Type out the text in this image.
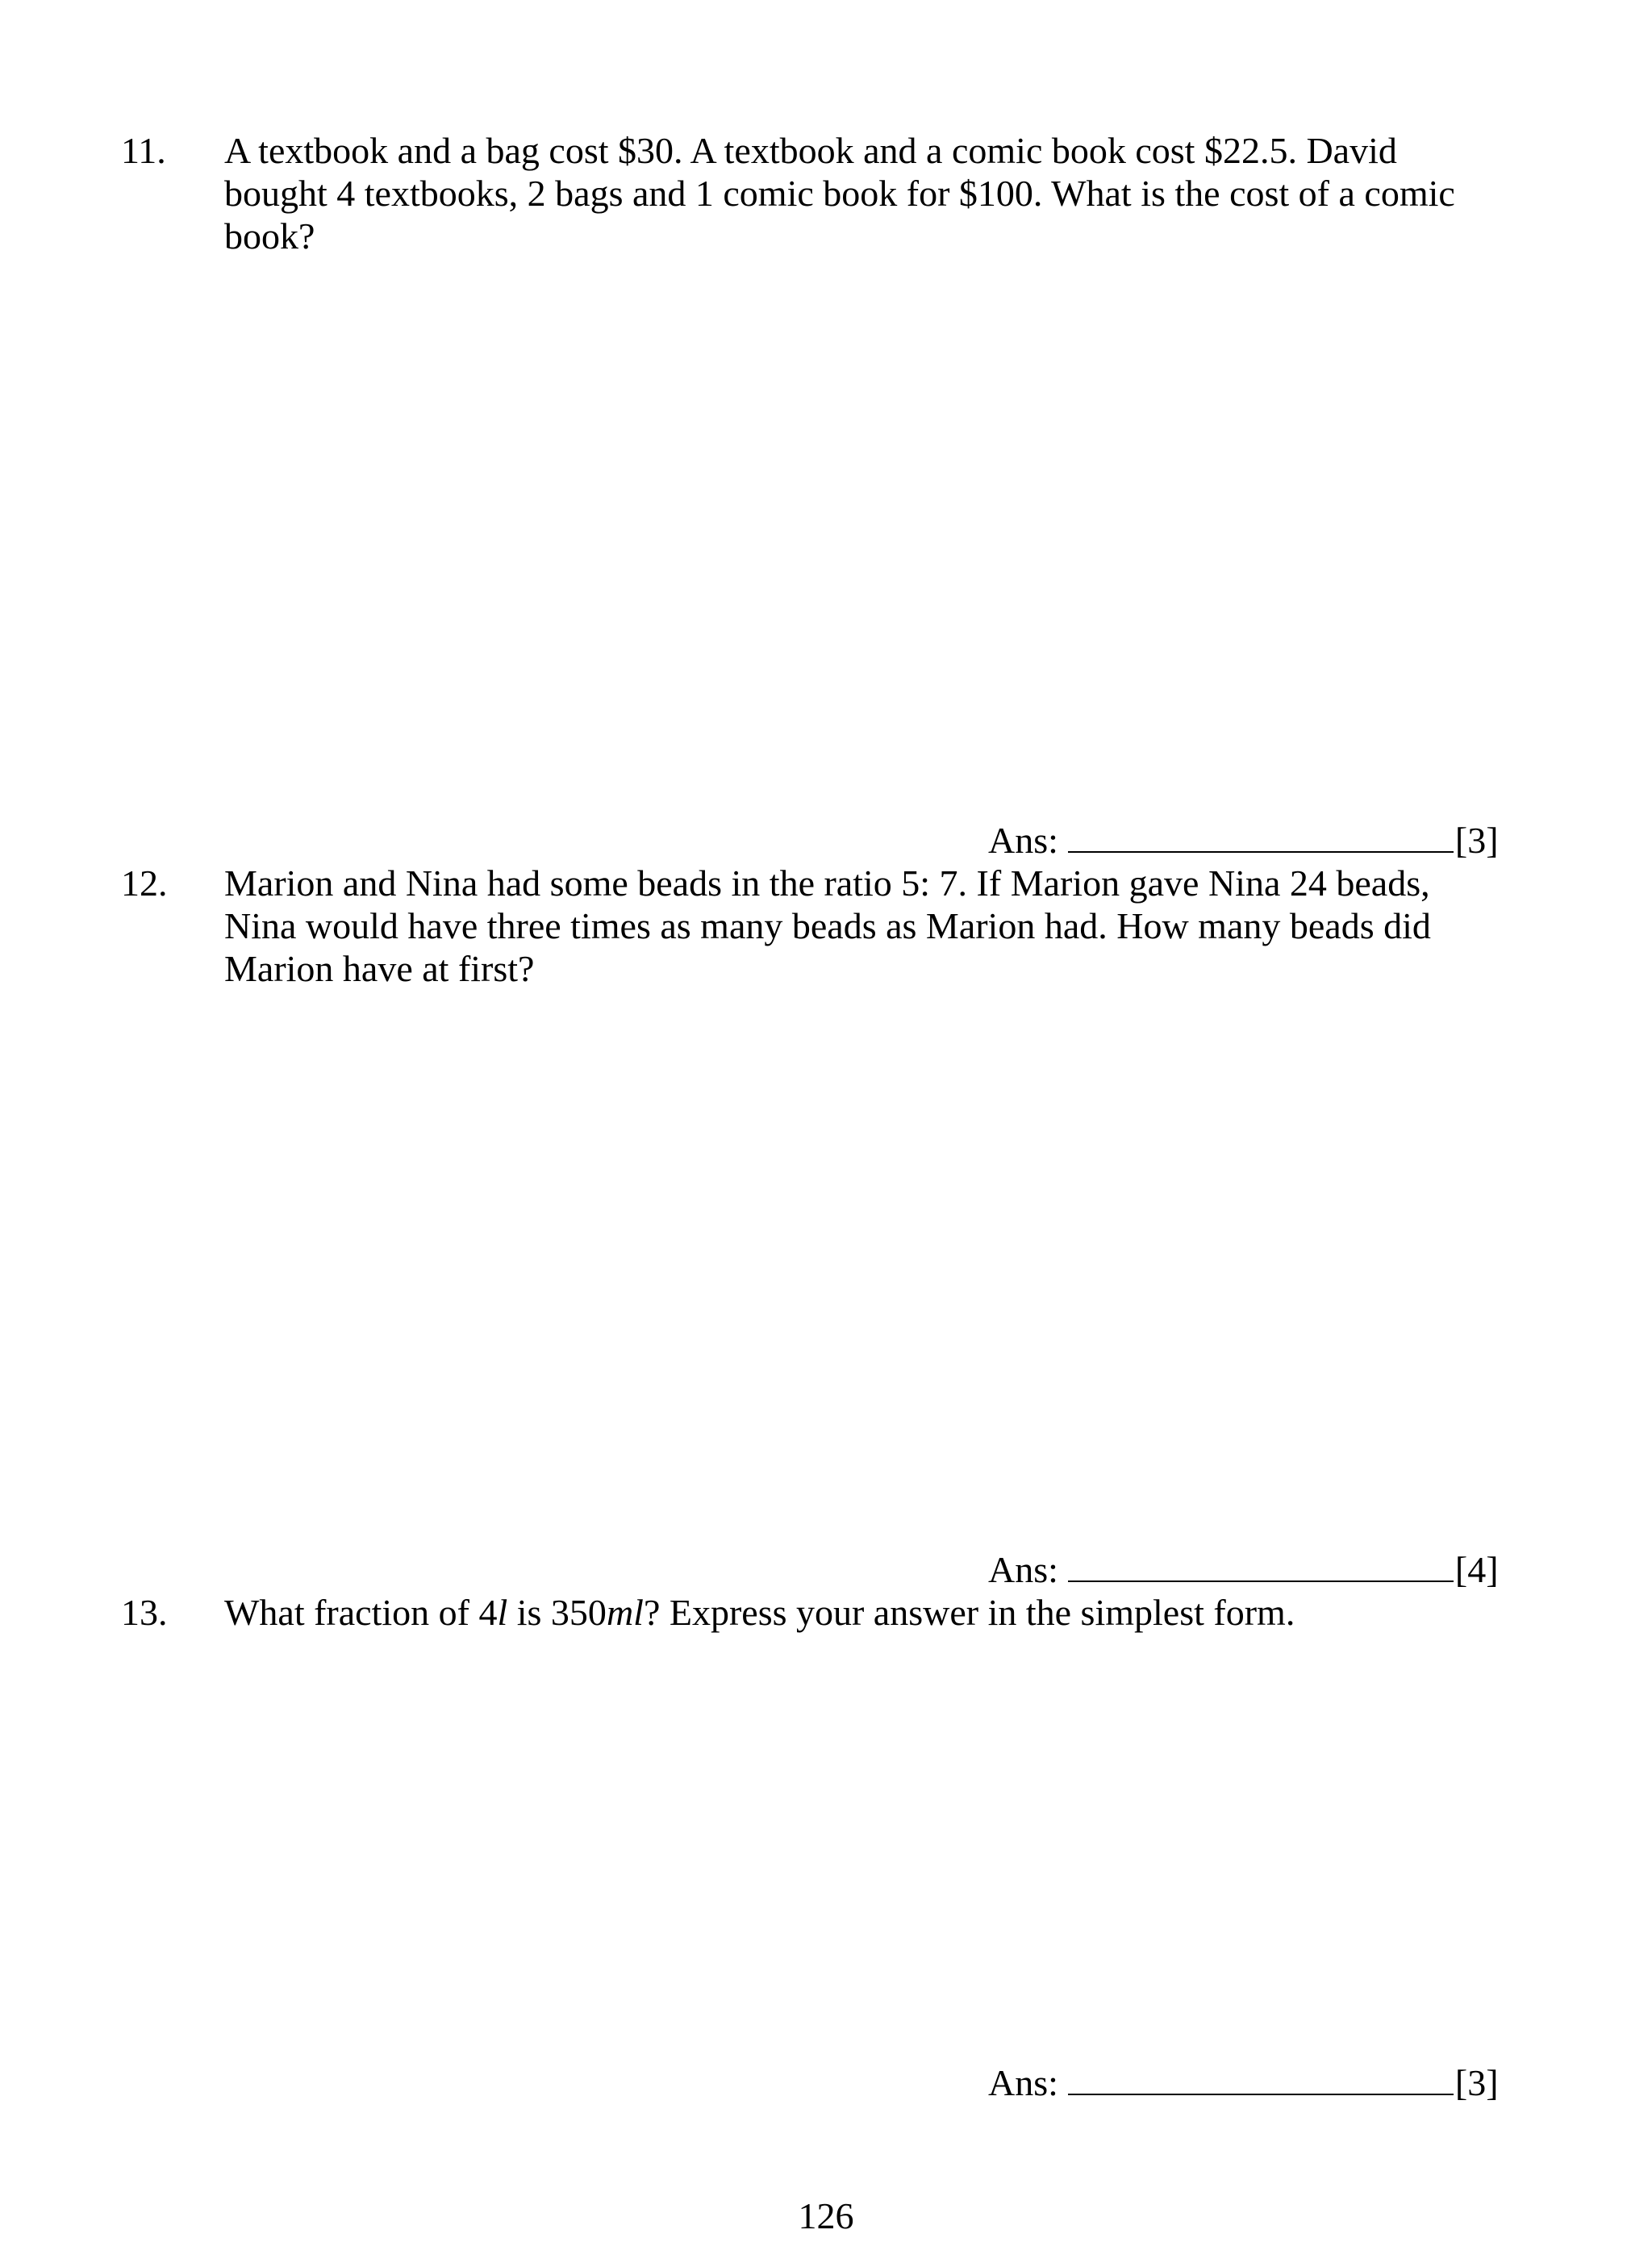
11. A textbook and a bag cost $30. A textbook and a comic book cost $22.5. David
bought 4 textbooks, 2 bags and 1 comic book for $100. What is the cost of a comic
book?
Ans:	[3]
12. Marion and Nina had some beads in the ratio 5: 7. If Marion gave Nina 24 beads,
Nina would have three times as many beads as Marion had. How many beads did
Marion have at first?
Ans:	[4]
13. What fraction of 4l is 350ml? Express your answer in the simplest form.
Ans:	[3]
126
